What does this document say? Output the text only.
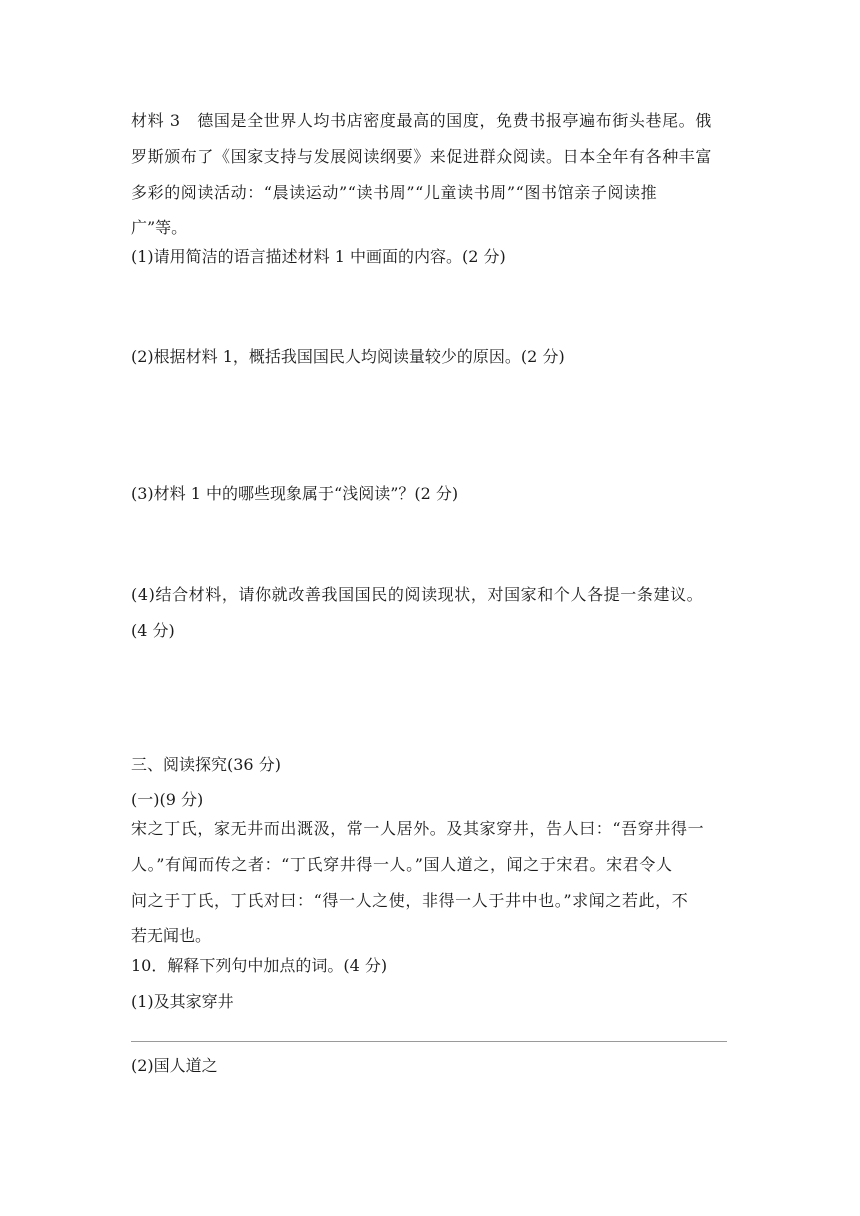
材料 3　德国是全世界人均书店密度最高的国度，免费书报亭遍布街头巷尾。俄
罗斯颁布了《国家支持与发展阅读纲要》来促进群众阅读。日本全年有各种丰富
多彩的阅读活动：“晨读运动”“读书周”“儿童读书周”“图书馆亲子阅读推
广”等。
(1)请用简洁的语言描述材料 1 中画面的内容。(2 分)
(2)根据材料 1，概括我国国民人均阅读量较少的原因。(2 分)
(3)材料 1 中的哪些现象属于“浅阅读”？(2 分)
(4)结合材料，请你就改善我国国民的阅读现状，对国家和个人各提一条建议。
(4 分)
三、阅读探究(36 分)
(一)(9 分)
宋之丁氏，家无井而出溉汲，常一人居外。及其家穿井，告人曰：“吾穿井得一
人。”有闻而传之者：“丁氏穿井得一人。”国人道之，闻之于宋君。宋君令人
问之于丁氏，丁氏对曰：“得一人之使，非得一人于井中也。”求闻之若此，不
若无闻也。
10．解释下列句中加点的词。(4 分)
(1)及其家穿井
(2)国人道之
